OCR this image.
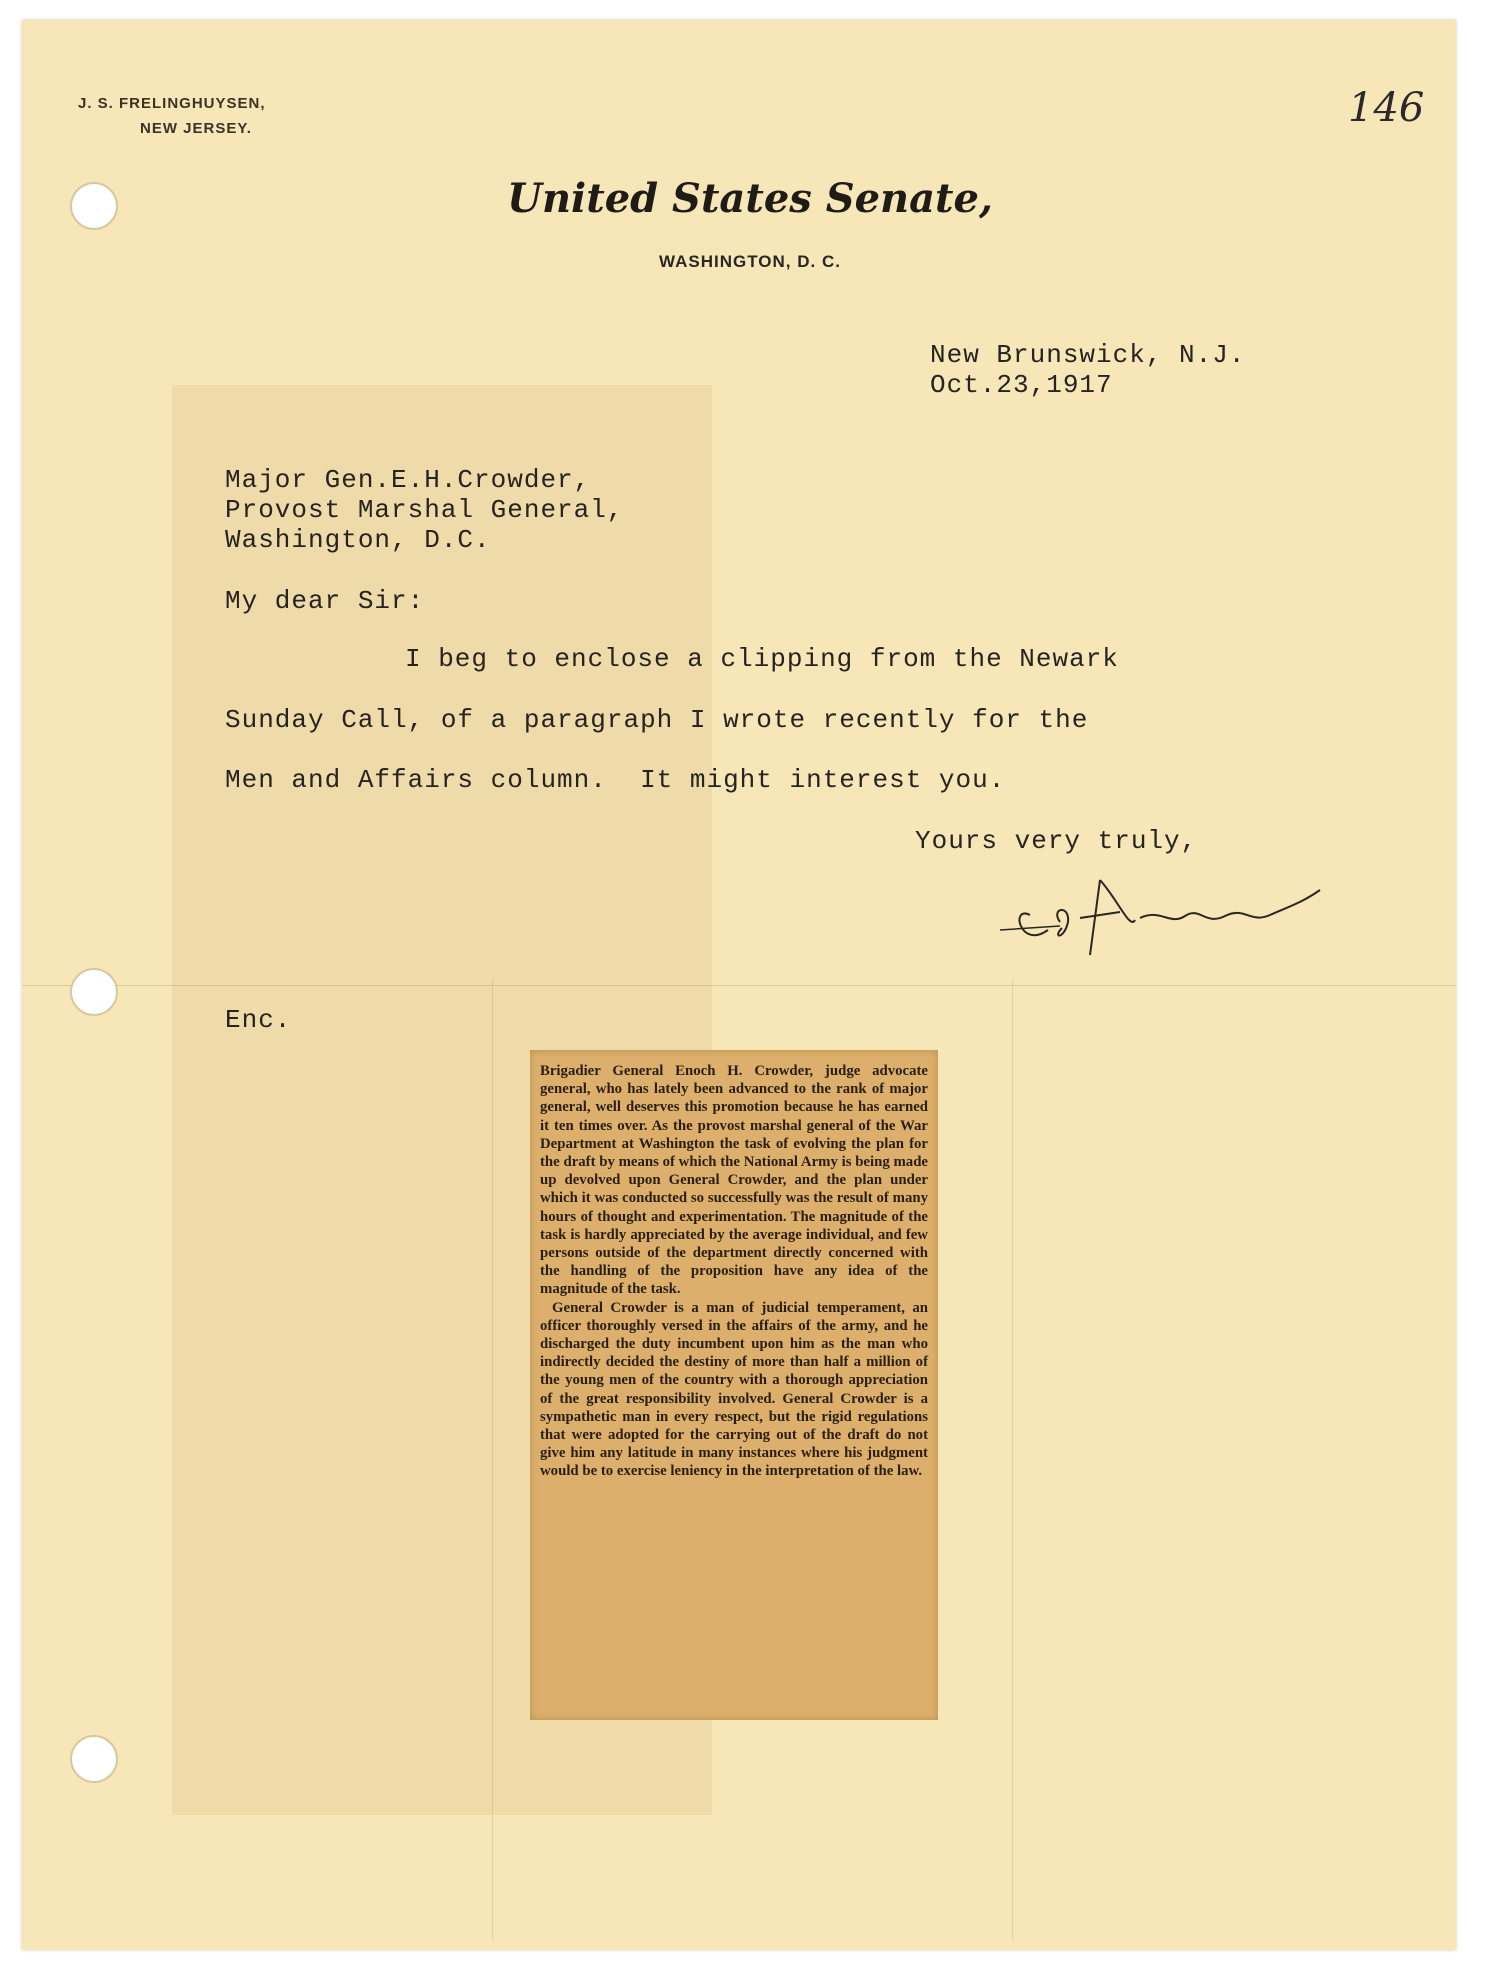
J. S. FRELINGHUYSEN,
NEW JERSEY.	146
United States Senate,
WASHINGTON, D. C.
New Brunswick, N.J.
Oct.23,1917
Major Gen.E.H.Crowder,
Provost Marshal General,
Washington, D.C.
My dear Sir:
I beg to enclose a clipping from the Newark
Sunday Call, of a paragraph I wrote recently for the
Men and Affairs column.  It might interest you.
Yours very truly,
Enc.

Brigadier General Enoch H. Crowder, judge advocate general, who has lately been advanced to the rank of major general, well deserves this promotion because he has earned it ten times over. As the provost marshal general of the War Department at Washington the task of evolving the plan for the draft by means of which the National Army is being made up devolved upon General Crowder, and the plan under which it was conducted so successfully was the result of many hours of thought and experimentation. The magnitude of the task is hardly appreciated by the average individual, and few persons outside of the department directly concerned with the handling of the proposition have any idea of the magnitude of the task.

General Crowder is a man of judicial temperament, an officer thoroughly versed in the affairs of the army, and he discharged the duty incumbent upon him as the man who indirectly decided the destiny of more than half a million of the young men of the country with a thorough appreciation of the great responsibility involved. General Crowder is a sympathetic man in every respect, but the rigid regulations that were adopted for the carrying out of the draft do not give him any latitude in many instances where his judgment would be to exercise leniency in the interpretation of the law.
